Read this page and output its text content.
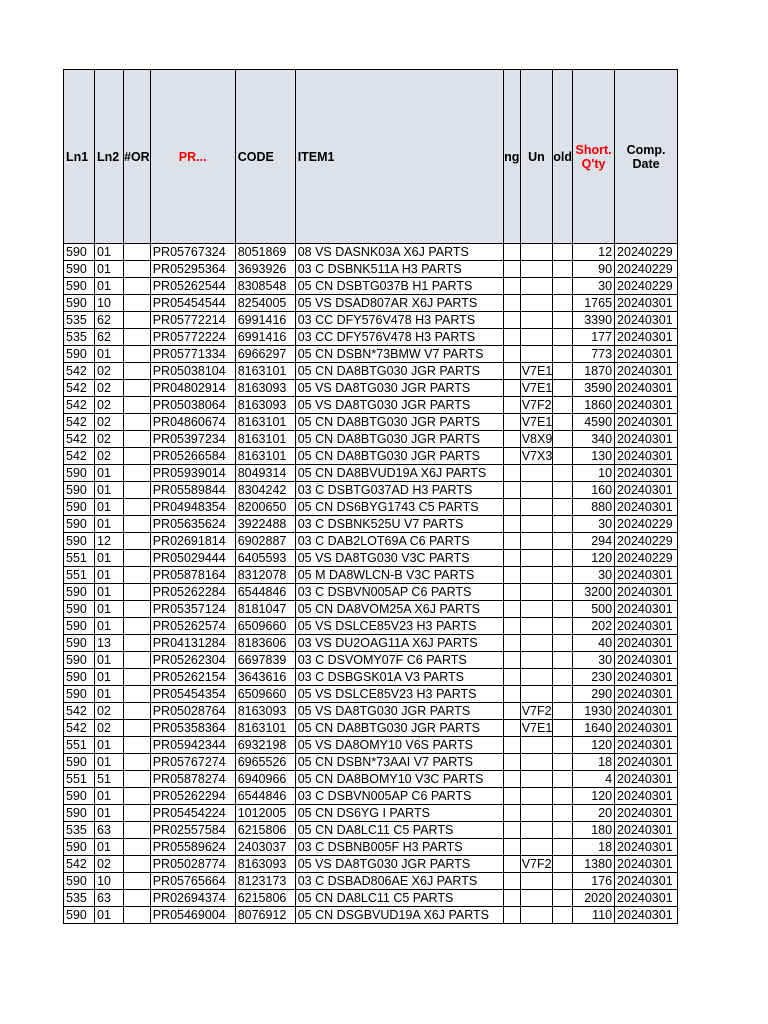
Ln1	Ln2	OR#	PR...	CODE	ITEM1	ng	Un	old	Short. Q'ty	Comp. Date
590	01		PR05767324	8051869	08 VS DASNK03A X6J PARTS				12	20240229
590	01		PR05295364	3693926	03 C DSBNK511A H3 PARTS				90	20240229
590	01		PR05262544	8308548	05 CN DSBTG037B H1 PARTS				30	20240229
590	10		PR05454544	8254005	05 VS DSAD807AR X6J PARTS				1765	20240301
535	62		PR05772214	6991416	03 CC DFY576V478 H3 PARTS				3390	20240301
535	62		PR05772224	6991416	03 CC DFY576V478 H3 PARTS				177	20240301
590	01		PR05771334	6966297	05 CN DSBN*73BMW V7 PARTS				773	20240301
542	02		PR05038104	8163101	05 CN DA8BTG030 JGR PARTS		V7E1		1870	20240301
542	02		PR04802914	8163093	05 VS DA8TG030 JGR PARTS		V7E1		3590	20240301
542	02		PR05038064	8163093	05 VS DA8TG030 JGR PARTS		V7F2		1860	20240301
542	02		PR04860674	8163101	05 CN DA8BTG030 JGR PARTS		V7E1		4590	20240301
542	02		PR05397234	8163101	05 CN DA8BTG030 JGR PARTS		V8X9		340	20240301
542	02		PR05266584	8163101	05 CN DA8BTG030 JGR PARTS		V7X3		130	20240301
590	01		PR05939014	8049314	05 CN DA8BVUD19A X6J PARTS				10	20240301
590	01		PR05589844	8304242	03 C DSBTG037AD H3 PARTS				160	20240301
590	01		PR04948354	8200650	05 CN DS6BYG1743 C5 PARTS				880	20240301
590	01		PR05635624	3922488	03 C DSBNK525U V7 PARTS				30	20240229
590	12		PR02691814	6902887	03 C DAB2LOT69A C6 PARTS				294	20240229
551	01		PR05029444	6405593	05 VS DA8TG030 V3C PARTS				120	20240229
551	01		PR05878164	8312078	05 M DA8WLCN-B V3C PARTS				30	20240301
590	01		PR05262284	6544846	03 C DSBVN005AP C6 PARTS				3200	20240301
590	01		PR05357124	8181047	05 CN DA8VOM25A X6J PARTS				500	20240301
590	01		PR05262574	6509660	05 VS DSLCE85V23 H3 PARTS				202	20240301
590	13		PR04131284	8183606	03 VS DU2OAG11A X6J PARTS				40	20240301
590	01		PR05262304	6697839	03 C DSVOMY07F C6 PARTS				30	20240301
590	01		PR05262154	3643616	03 C DSBGSK01A V3 PARTS				230	20240301
590	01		PR05454354	6509660	05 VS DSLCE85V23 H3 PARTS				290	20240301
542	02		PR05028764	8163093	05 VS DA8TG030 JGR PARTS		V7F2		1930	20240301
542	02		PR05358364	8163101	05 CN DA8BTG030 JGR PARTS		V7E1		1640	20240301
551	01		PR05942344	6932198	05 VS DA8OMY10 V6S PARTS				120	20240301
590	01		PR05767274	6965526	05 CN DSBN*73AAI V7 PARTS				18	20240301
551	51		PR05878274	6940966	05 CN DA8BOMY10 V3C PARTS				4	20240301
590	01		PR05262294	6544846	03 C DSBVN005AP C6 PARTS				120	20240301
590	01		PR05454224	1012005	05 CN DS6YG I PARTS				20	20240301
535	63		PR02557584	6215806	05 CN DA8LC11 C5 PARTS				180	20240301
590	01		PR05589624	2403037	03 C DSBNB005F H3 PARTS				18	20240301
542	02		PR05028774	8163093	05 VS DA8TG030 JGR PARTS		V7F2		1380	20240301
590	10		PR05765664	8123173	03 C DSBAD806AE X6J PARTS				176	20240301
535	63		PR02694374	6215806	05 CN DA8LC11 C5 PARTS				2020	20240301
590	01		PR05469004	8076912	05 CN DSGBVUD19A X6J PARTS				110	20240301
